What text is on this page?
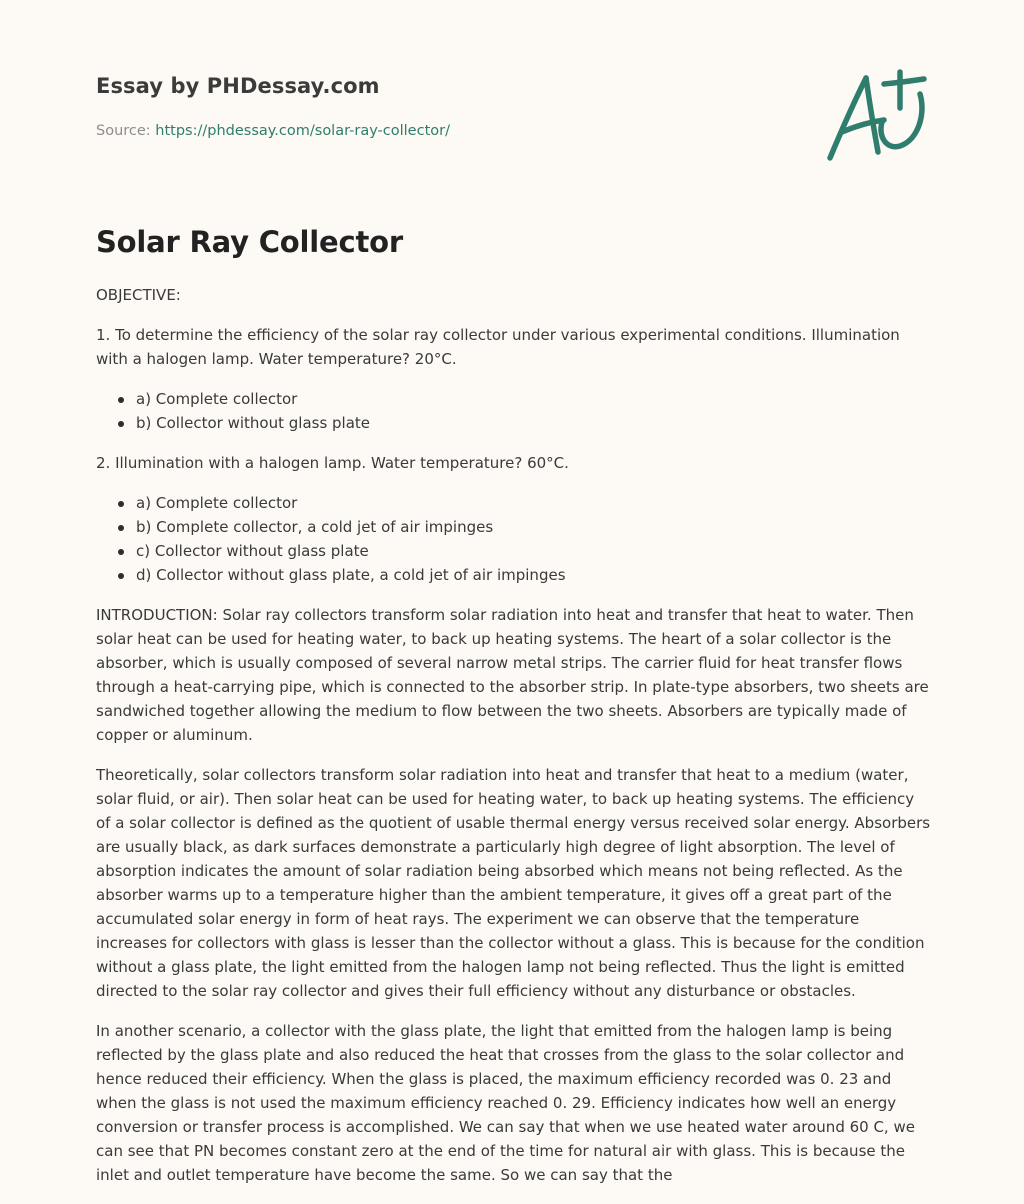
Essay by PHDessay.com
Source: https://phdessay.com/solar-ray-collector/
Solar Ray Collector

OBJECTIVE:

1. To determine the efficiency of the solar ray collector under various experimental conditions. Illumination with a halogen lamp. Water temperature? 20°C.

a) Complete collector
b) Collector without glass plate

2. Illumination with a halogen lamp. Water temperature? 60°C.

a) Complete collector
b) Complete collector, a cold jet of air impinges
c) Collector without glass plate
d) Collector without glass plate, a cold jet of air impinges

INTRODUCTION: Solar ray collectors transform solar radiation into heat and transfer that heat to water. Then solar heat can be used for heating water, to back up heating systems. The heart of a solar collector is the absorber, which is usually composed of several narrow metal strips. The carrier fluid for heat transfer flows through a heat-carrying pipe, which is connected to the absorber strip. In plate-type absorbers, two sheets are sandwiched together allowing the medium to flow between the two sheets. Absorbers are typically made of copper or aluminum.

Theoretically, solar collectors transform solar radiation into heat and transfer that heat to a medium (water, solar fluid, or air). Then solar heat can be used for heating water, to back up heating systems. The efficiency of a solar collector is defined as the quotient of usable thermal energy versus received solar energy. Absorbers are usually black, as dark surfaces demonstrate a particularly high degree of light absorption. The level of absorption indicates the amount of solar radiation being absorbed which means not being reflected. As the absorber warms up to a temperature higher than the ambient temperature, it gives off a great part of the accumulated solar energy in form of heat rays. The experiment we can observe that the temperature increases for collectors with glass is lesser than the collector without a glass. This is because for the condition without a glass plate, the light emitted from the halogen lamp not being reflected. Thus the light is emitted directed to the solar ray collector and gives their full efficiency without any disturbance or obstacles.

In another scenario, a collector with the glass plate, the light that emitted from the halogen lamp is being reflected by the glass plate and also reduced the heat that crosses from the glass to the solar collector and hence reduced their efficiency. When the glass is placed, the maximum efficiency recorded was 0. 23 and when the glass is not used the maximum efficiency reached 0. 29. Efficiency indicates how well an energy conversion or transfer process is accomplished. We can say that when we use heated water around 60 C, we can see that PN becomes constant zero at the end of the time for natural air with glass. This is because the inlet and outlet temperature have become the same. So we can say that the
